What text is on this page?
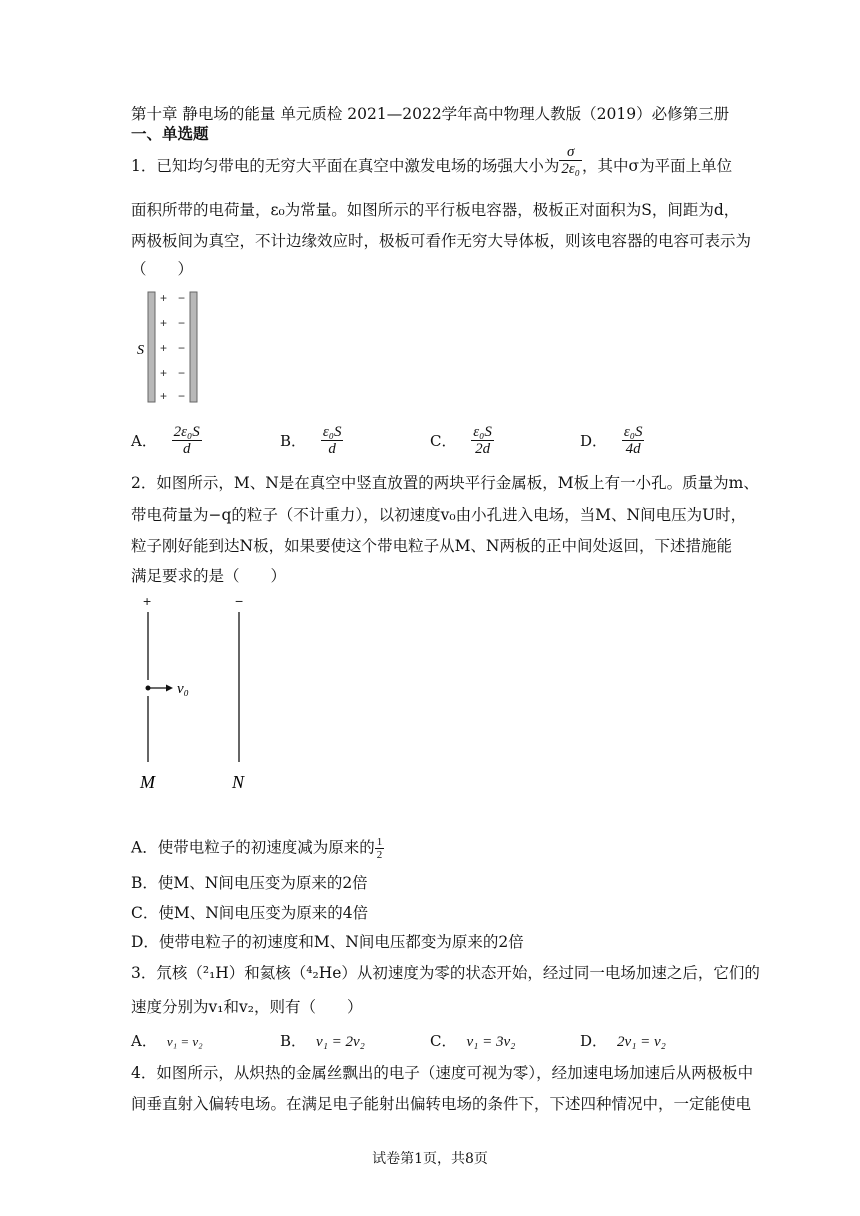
第十章 静电场的能量 单元质检 2021—2022学年高中物理人教版（2019）必修第三册
一、单选题
1．已知均匀带电的无穷大平面在真空中激发电场的场强大小为 $\frac{\sigma}{\text{2ε₀}}$ ，其中σ为平面上单位
面积所带的电荷量，ε₀为常量。如图所示的平行板电容器，极板正对面积为S，间距为d，
两极板间为真空，不计边缘效应时，极板可看作无穷大导体板，则该电容器的电容可表示为
（　　）
S
+
+
+
+
+
−
−
−
−
−
A． $\frac{\text{2ε₀S}}{d}$	B． $\frac{\text{ε₀S}}{d}$	C． $\frac{\text{ε₀S}}{2d}$	D． $\frac{\text{ε₀S}}{4d}$
2．如图所示，M、N是在真空中竖直放置的两块平行金属板，M板上有一小孔。质量为m、
带电荷量为−q的粒子（不计重力），以初速度v₀由小孔进入电场，当M、N间电压为U时，
粒子刚好能到达N板，如果要使这个带电粒子从M、N两板的正中间处返回，下述措施能
满足要求的是（　　）
+	−
v₀
M	N
A．使带电粒子的初速度减为原来的 $\frac{1}{2}$
B．使M、N间电压变为原来的2倍
C．使M、N间电压变为原来的4倍
D．使带电粒子的初速度和M、N间电压都变为原来的2倍
3．氘核（²₁H）和氦核（⁴₂He）从初速度为零的状态开始，经过同一电场加速之后，它们的
速度分别为v₁和v₂，则有（　　）
A． v₁ = v₂	B． v₁ = 2v₂	C． v₁ = 3v₂	D． 2v₁ = v₂
4．如图所示，从炽热的金属丝飘出的电子（速度可视为零），经加速电场加速后从两极板中
间垂直射入偏转电场。在满足电子能射出偏转电场的条件下，下述四种情况中，一定能使电
试卷第1页，共8页
